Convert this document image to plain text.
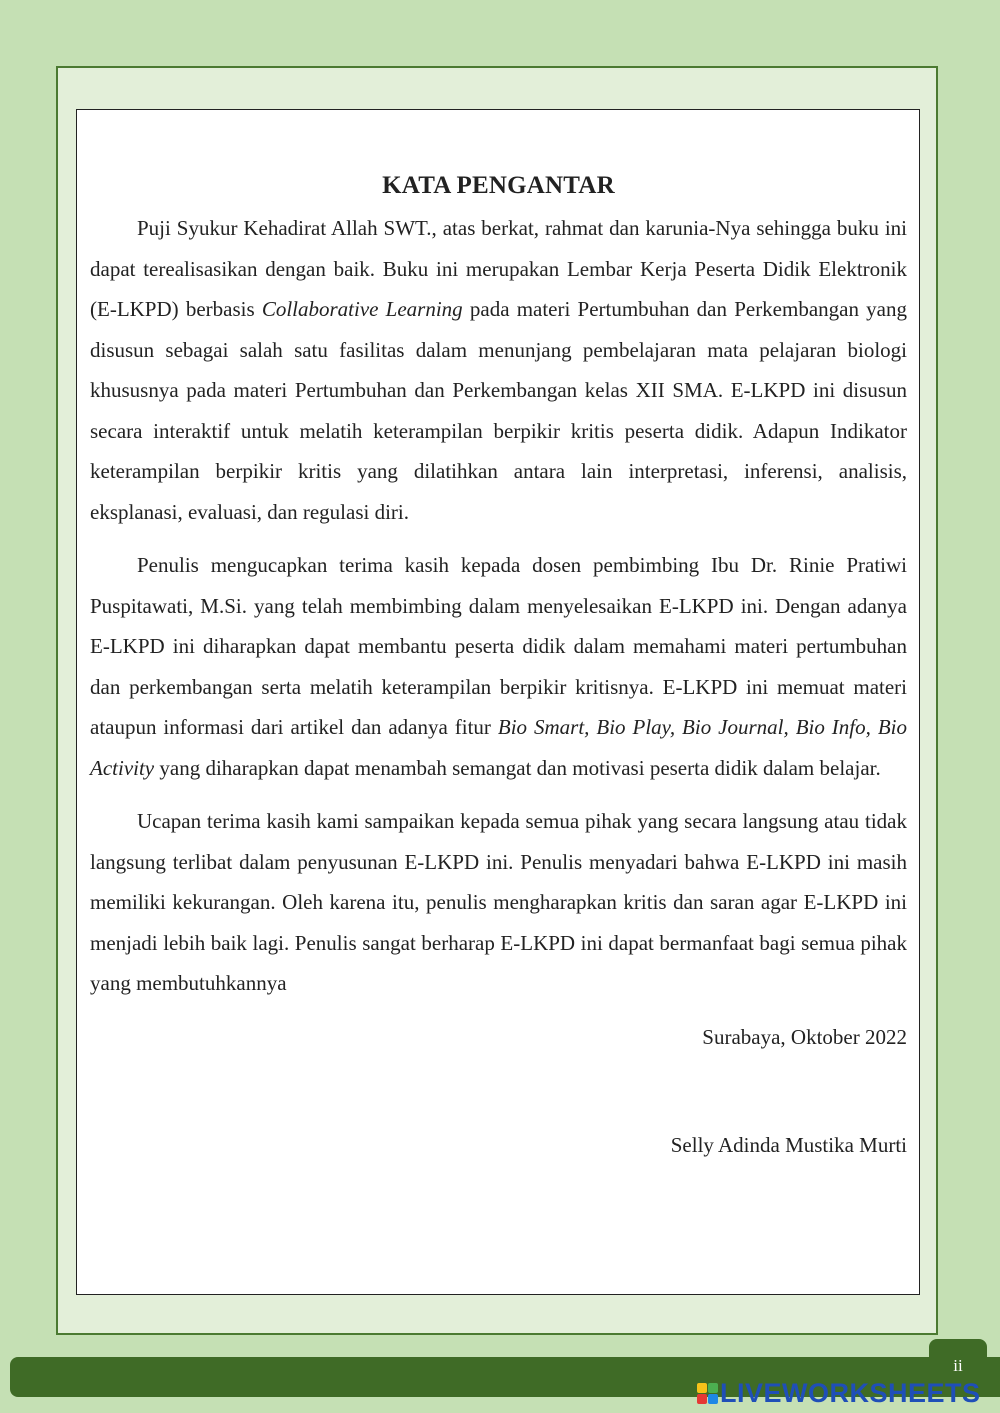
KATA PENGANTAR

Puji Syukur Kehadirat Allah SWT., atas berkat, rahmat dan karunia-Nya sehingga buku ini dapat terealisasikan dengan baik. Buku ini merupakan Lembar Kerja Peserta Didik Elektronik (E-LKPD) berbasis Collaborative Learning pada materi Pertumbuhan dan Perkembangan yang disusun sebagai salah satu fasilitas dalam menunjang pembelajaran mata pelajaran biologi khususnya pada materi Pertumbuhan dan Perkembangan kelas XII SMA. E-LKPD ini disusun secara interaktif untuk melatih keterampilan berpikir kritis peserta didik. Adapun Indikator keterampilan berpikir kritis yang dilatihkan antara lain interpretasi, inferensi, analisis, eksplanasi, evaluasi, dan regulasi diri.

Penulis mengucapkan terima kasih kepada dosen pembimbing Ibu Dr. Rinie Pratiwi Puspitawati, M.Si. yang telah membimbing dalam menyelesaikan E-LKPD ini. Dengan adanya E-LKPD ini diharapkan dapat membantu peserta didik dalam memahami materi pertumbuhan dan perkembangan serta melatih keterampilan berpikir kritisnya. E-LKPD ini memuat materi ataupun informasi dari artikel dan adanya fitur Bio Smart, Bio Play, Bio Journal, Bio Info, Bio Activity yang diharapkan dapat menambah semangat dan motivasi peserta didik dalam belajar.

Ucapan terima kasih kami sampaikan kepada semua pihak yang secara langsung atau tidak langsung terlibat dalam penyusunan E-LKPD ini. Penulis menyadari bahwa E-LKPD ini masih memiliki kekurangan. Oleh karena itu, penulis mengharapkan kritis dan saran agar E-LKPD ini menjadi lebih baik lagi. Penulis sangat berharap E-LKPD ini dapat bermanfaat bagi semua pihak yang membutuhkannya

Surabaya, Oktober 2022
Selly Adinda Mustika Murti
ii
LIVEWORKSHEETS
